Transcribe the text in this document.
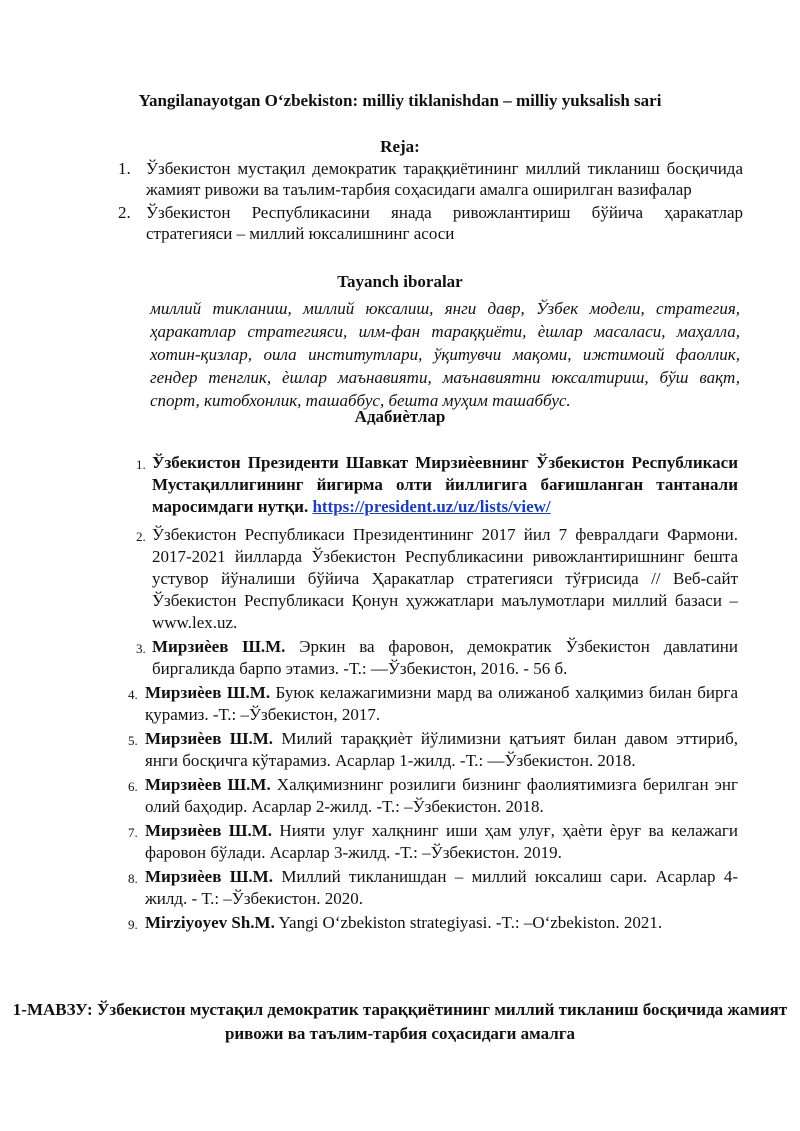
Yangilanayotgan O‘zbekiston: milliy tiklanishdan – milliy yuksalish sari
Reja:
1. Ўзбекистон мустақил демократик тараққиётининг миллий тикланиш босқичида жамият ривожи ва таълим-тарбия соҳасидаги амалга оширилган вазифалар
2. Ўзбекистон Республикасини янада ривожлантириш бўйича ҳаракатлар стратегияси – миллий юксалишнинг асоси
Tayanch iboralar
миллий тикланиш, миллий юксалиш, янги давр, Ўзбек модели, стратегия, ҳаракатлар стратегияси, илм-фан тараққиёти, ѐшлар масаласи, маҳалла, хотин-қизлар, оила институтлари, ўқитувчи мақоми, ижтимоий фаоллик, гендер тенглик, ѐшлар маънавияти, маънавиятни юксалтириш, бўш вақт, спорт, китобхонлик, ташаббус, бешта муҳим ташаббус.
Адабиѐтлар
1. Ўзбекистон Президенти Шавкат Мирзиѐевнинг Ўзбекистон Республикаси Мустақиллигининг йигирма олти йиллигига бағишланган тантанали маросимдаги нутқи. https://president.uz/uz/lists/view/
2. Ўзбекистон Республикаси Президентининг 2017 йил 7 февралдаги Фармони. 2017-2021 йилларда Ўзбекистон Республикасини ривожлантиришнинг бешта устувор йўналиши бўйича Ҳаракатлар стратегияси тўғрисида // Веб-сайт Ўзбекистон Республикаси Қонун ҳужжатлари маълумотлари миллий базаси – www.lex.uz.
3. Мирзиѐев Ш.М. Эркин ва фаровон, демократик Ўзбекистон давлатини биргаликда барпо этамиз. -Т.: ―Ўзбекистон, 2016. - 56 б.
4. Мирзиѐев Ш.М. Буюк келажагимизни мард ва олижаноб халқимиз билан бирга қурамиз. -Т.: –Ўзбекистон, 2017.
5. Мирзиѐев Ш.М. Милий тараққиѐт йўлимизни қатъият билан давом эттириб, янги босқичга кўтарамиз. Асарлар 1-жилд. -Т.: ―Ўзбекистон. 2018.
6. Мирзиѐев Ш.М. Халқимизнинг розилиги бизнинг фаолиятимизга берилган энг олий баҳодир. Асарлар 2-жилд. -Т.: –Ўзбекистон. 2018.
7. Мирзиѐев Ш.М. Нияти улуғ халқнинг иши ҳам улуғ, ҳаѐти ѐруғ ва келажаги фаровон бўлади. Асарлар 3-жилд. -Т.: –Ўзбекистон. 2019.
8. Мирзиѐев Ш.М. Миллий тикланишдан – миллий юксалиш сари. Асарлар 4-жилд. - Т.: –Ўзбекистон. 2020.
9. Mirziyoyev Sh.M. Yangi O‘zbekiston strategiyasi. -T.: –O‘zbekiston. 2021.
1-МАВЗУ: Ўзбекистон мустақил демократик тараққиётининг миллий тикланиш босқичида жамият ривожи ва таълим-тарбия соҳасидаги амалга
